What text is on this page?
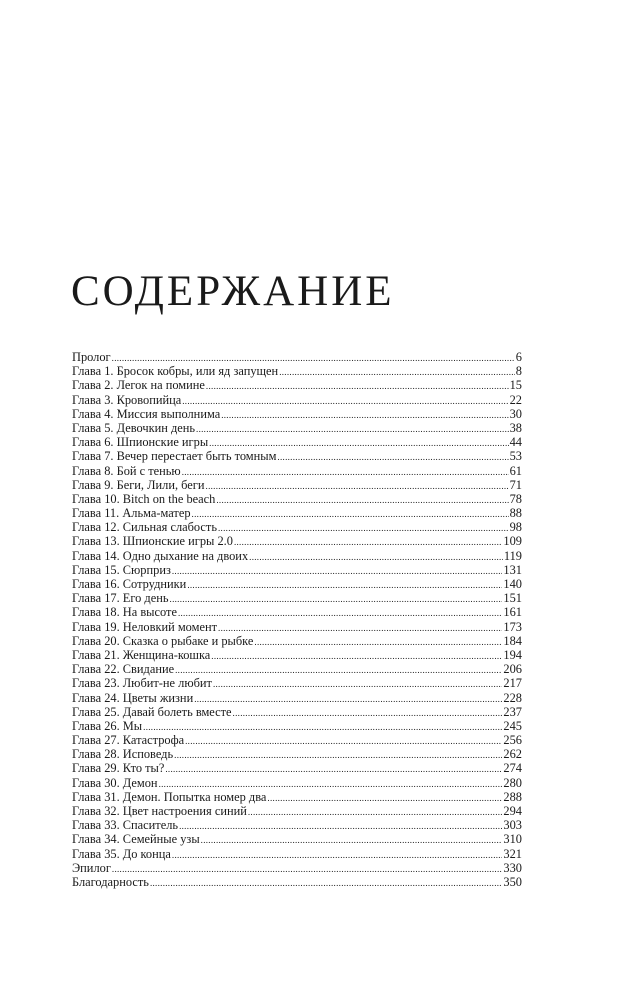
СОДЕРЖАНИЕ
Пролог .....	6
Глава 1. Бросок кобры, или яд запущен .....	8
Глава 2. Легок на помине .....	15
Глава 3. Кровопийца .....	22
Глава 4. Миссия выполнима .....	30
Глава 5. Девочкин день .....	38
Глава 6. Шпионские игры .....	44
Глава 7. Вечер перестает быть томным .....	53
Глава 8. Бой с тенью .....	61
Глава 9. Беги, Лили, беги .....	71
Глава 10. Bitch on the beach .....	78
Глава 11. Альма-матер .....	88
Глава 12. Сильная слабость .....	98
Глава 13. Шпионские игры 2.0 .....	109
Глава 14. Одно дыхание на двоих .....	119
Глава 15. Сюрприз .....	131
Глава 16. Сотрудники .....	140
Глава 17. Его день .....	151
Глава 18. На высоте .....	161
Глава 19. Неловкий момент .....	173
Глава 20. Сказка о рыбаке и рыбке .....	184
Глава 21. Женщина-кошка .....	194
Глава 22. Свидание .....	206
Глава 23. Любит-не любит .....	217
Глава 24. Цветы жизни .....	228
Глава 25. Давай болеть вместе .....	237
Глава 26. Мы .....	245
Глава 27. Катастрофа .....	256
Глава 28. Исповедь .....	262
Глава 29. Кто ты? .....	274
Глава 30. Демон .....	280
Глава 31. Демон. Попытка номер два .....	288
Глава 32. Цвет настроения синий .....	294
Глава 33. Спаситель .....	303
Глава 34. Семейные узы .....	310
Глава 35. До конца .....	321
Эпилог .....	330
Благодарность .....	350
